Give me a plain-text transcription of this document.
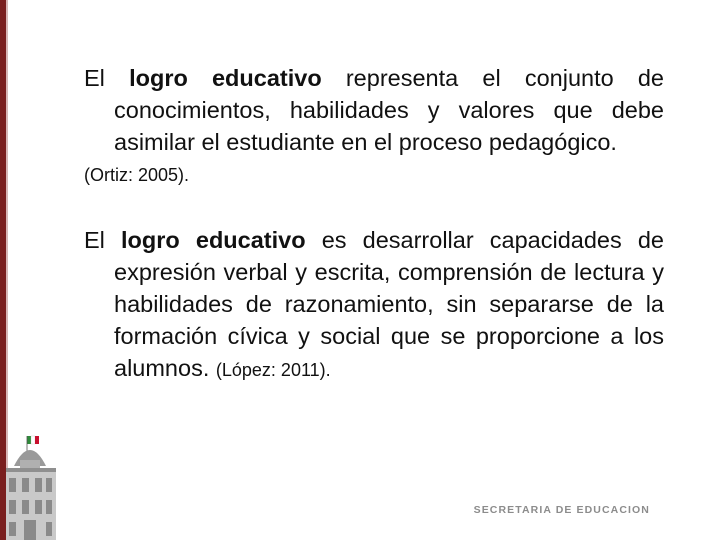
El logro educativo representa el conjunto de conocimientos, habilidades y valores que debe asimilar el estudiante en el proceso pedagógico.
(Ortiz: 2005).

El logro educativo es desarrollar capacidades de expresión verbal y escrita, comprensión de lectura y habilidades de razonamiento, sin separarse de la formación cívica y social que se proporcione a los alumnos. (López: 2011).

SECRETARIA DE EDUCACION
